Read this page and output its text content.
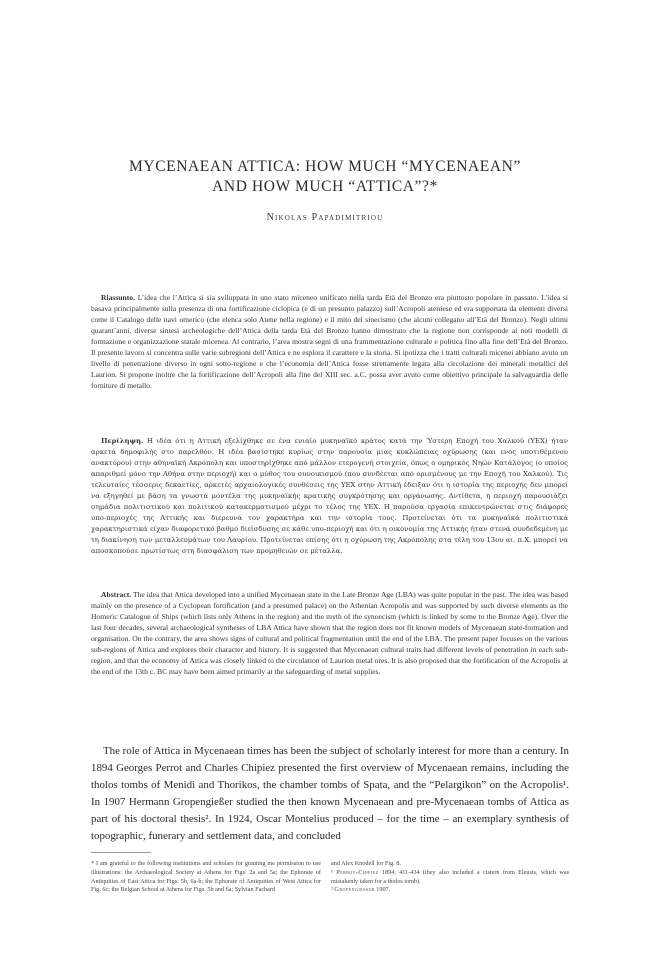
MYCENAEAN ATTICA: HOW MUCH “MYCENAEAN”
AND HOW MUCH “ATTICA”?*
Nikolas Papadimitriou

Riassunto. L’idea che l’Attica si sia sviluppata in uno stato miceneo unificato nella tarda Età del Bronzo era piuttosto popolare in passato. L’idea si basava principalmente sulla presenza di una fortificazione ciclopica (e di un presunto palazzo) sull’Acropoli ateniese ed era supportata da elementi diversi come il Catalogo delle navi omerico (che elenca solo Atene nella regione) e il mito del sinecismo (che alcuni collegano all’Età del Bronzo). Negli ultimi quarant’anni, diverse sintesi archeologiche dell’Attica della tarda Età del Bronzo hanno dimostrato che la regione non corrisponde ai noti modelli di formazione e organizzazione statale micenea. Al contrario, l’area mostra segni di una frammentazione culturale e politica fino alla fine dell’Età del Bronzo. Il presente lavoro si concentra sulle varie subregioni dell’Attica e ne esplora il carattere e la storia. Si ipotizza che i tratti culturali micenei abbiano avuto un livello di penetrazione diverso in ogni sotto-regione e che l’economia dell’Attica fosse strettamente legata alla circolazione dei minerali metallici del Laurion. Si propone inoltre che la fortificazione dell’Acropoli alla fine del XIII sec. a.C. possa aver avuto come obiettivo principale la salvaguardia delle forniture di metallo.

Περίληψη. Η ιδέα ότι η Αττική εξελίχθηκε σε ένα ενιαίο μυκηναϊκό κράτος κατά την Ύστερη Εποχή του Χαλκού (ΥΕΧ) ήταν αρκετά δημοφιλής στο παρελθόν. Η ιδέα βασίστηκε κυρίως στην παρουσία μιας κυκλώπειας οχύρωσης (και ενός υποτιθέμενου ανακτόρου) στην αθηναϊκή Ακρόπολη και υποστηρίχθηκε από μάλλον ετερογενή στοιχεία, όπως ο ομηρικός Νηών Κατάλογος (ο οποίος απαριθμεί μόνο την Αθήνα στην περιοχή) και ο μύθος του συνοικισμού (που συνδέεται από ορισμένους με την Εποχή του Χαλκού). Τις τελευταίες τέσσερις δεκαετίες, αρκετές αρχαιολογικές συνθέσεις της ΥΕΧ στην Αττική έδειξαν ότι η ιστορία της περιοχής δεν μπορεί να εξηγηθεί με βάση τα γνωστά μοντέλα της μυκηναϊκής κρατικής συγκρότησης και οργάνωσης. Αντίθετα, η περιοχή παρουσιάζει σημάδια πολιτιστικού και πολιτικού κατακερματισμού μέχρι το τέλος της ΥΕΧ. Η παρούσα εργασία επικεντρώνεται στις διάφορες υπο-περιοχές της Αττικής και διερευνά τον χαρακτήρα και την ιστορία τους. Προτείνεται ότι τα μυκηναϊκά πολιτιστικά χαρακτηριστικά είχαν διαφορετικό βαθμό διείσδυσης σε κάθε υπο-περιοχή και ότι η οικονομία της Αττικής ήταν στενά συνδεδεμένη με τη διακίνηση των μεταλλευμάτων του Λαυρίου. Προτείνεται επίσης ότι η οχύρωση της Ακρόπολης στα τέλη του 13ου αι. π.Χ. μπορεί να αποσκοπούσε πρωτίστως στη διασφάλιση των προμηθειών σε μέταλλα.

Abstract. The idea that Attica developed into a unified Mycenaean state in the Late Bronze Age (LBA) was quite popular in the past. The idea was based mainly on the presence of a Cyclopean fortification (and a presumed palace) on the Athenian Acropolis and was supported by such diverse elements as the Homeric Catalogue of Ships (which lists only Athens in the region) and the myth of the synoecism (which is linked by some to the Bronze Age). Over the last four decades, several archaeological syntheses of LBA Attica have shown that the region does not fit known models of Mycenaean state-formation and organisation. On the contrary, the area shows signs of cultural and political fragmentation until the end of the LBA. The present paper focuses on the various sub-regions of Attica and explores their character and history. It is suggested that Mycenaean cultural traits had different levels of penetration in each sub-region, and that the economy of Attica was closely linked to the circulation of Laurion metal ores. It is also proposed that the fortification of the Acropolis at the end of the 13th c. BC may have been aimed primarily at the safeguarding of metal supplies.

The role of Attica in Mycenaean times has been the subject of scholarly interest for more than a century. In 1894 Georges Perrot and Charles Chipiez presented the first overview of Mycenaean remains, including the tholos tombs of Menidi and Thorikos, the chamber tombs of Spata, and the “Pelargikon” on the Acropolis¹. In 1907 Hermann Gropengießer studied the then known Mycenaean and pre-Mycenaean tombs of Attica as part of his doctoral thesis². In 1924, Oscar Montelius produced – for the time – an exemplary synthesis of topographic, funerary and settlement data, and concluded

* I am grateful to the following institutions and scholars for granting me permission to use illustrations: the Archaeological Society at Athens for Figs. 2a and 5a; the Ephorate of Antiquities of East Attica for Figs. 5b, 6a-b; the Ephorate of Antiquities of West Attica for Fig. 6c; the Belgian School at Athens for Figs. 5b and 6a; Sylvian Fachard

and Alex Knodell for Fig. 8.

¹ Perrot-Chipiez 1894, 411-434 (they also included a cistern from Eleusis, which was mistakenly taken for a tholos tomb).

² Gropengiesser 1907.
